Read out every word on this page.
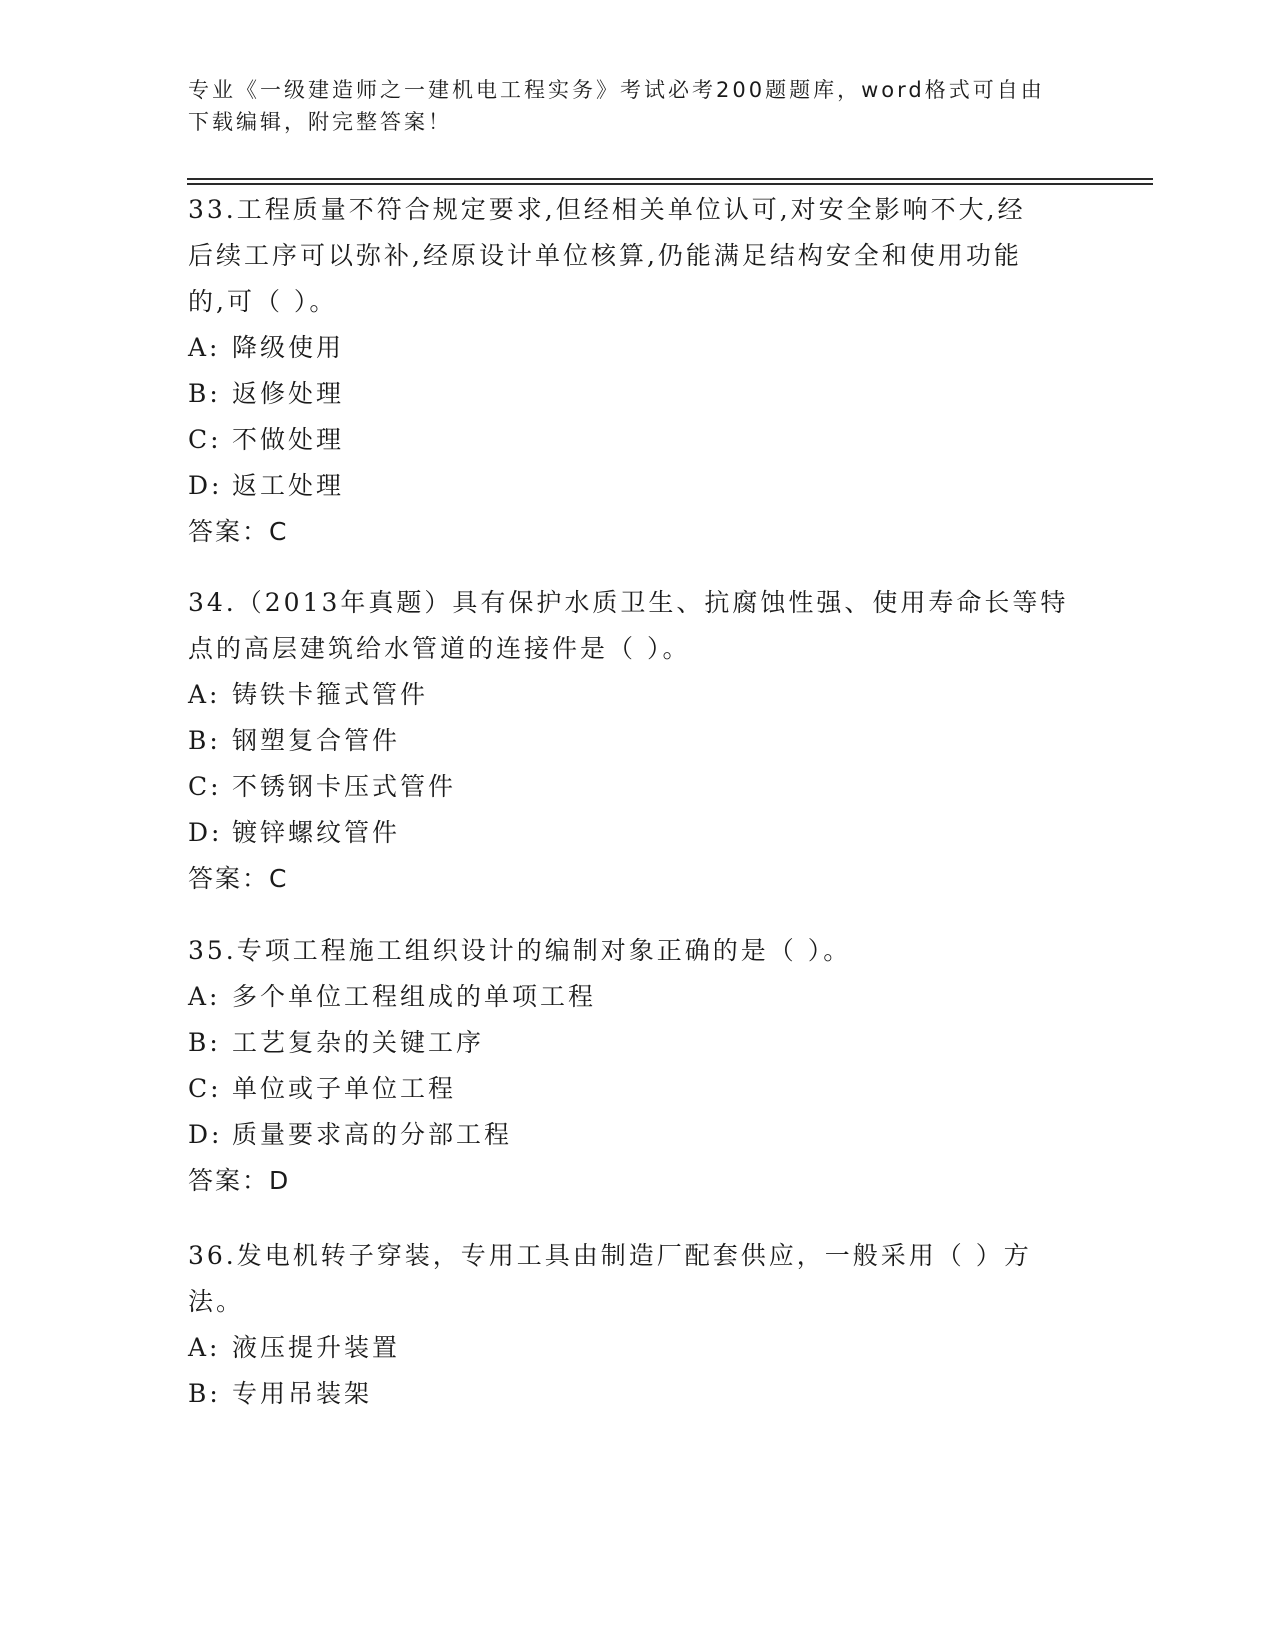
专业《一级建造师之一建机电工程实务》考试必考200题题库，word格式可自由
下载编辑，附完整答案！

33.工程质量不符合规定要求,但经相关单位认可,对安全影响不大,经

后续工序可以弥补,经原设计单位核算,仍能满足结构安全和使用功能

的,可（ ）。

A: 降级使用
B: 返修处理
C: 不做处理
D: 返工处理

答案：C

34.（2013年真题）具有保护水质卫生、抗腐蚀性强、使用寿命长等特

点的高层建筑给水管道的连接件是（ ）。

A: 铸铁卡箍式管件
B: 钢塑复合管件
C: 不锈钢卡压式管件
D: 镀锌螺纹管件

答案：C

35.专项工程施工组织设计的编制对象正确的是（ ）。

A: 多个单位工程组成的单项工程
B: 工艺复杂的关键工序
C: 单位或子单位工程
D: 质量要求高的分部工程

答案：D

36.发电机转子穿装，专用工具由制造厂配套供应，一般采用（ ）方

法。

A: 液压提升装置
B: 专用吊装架
